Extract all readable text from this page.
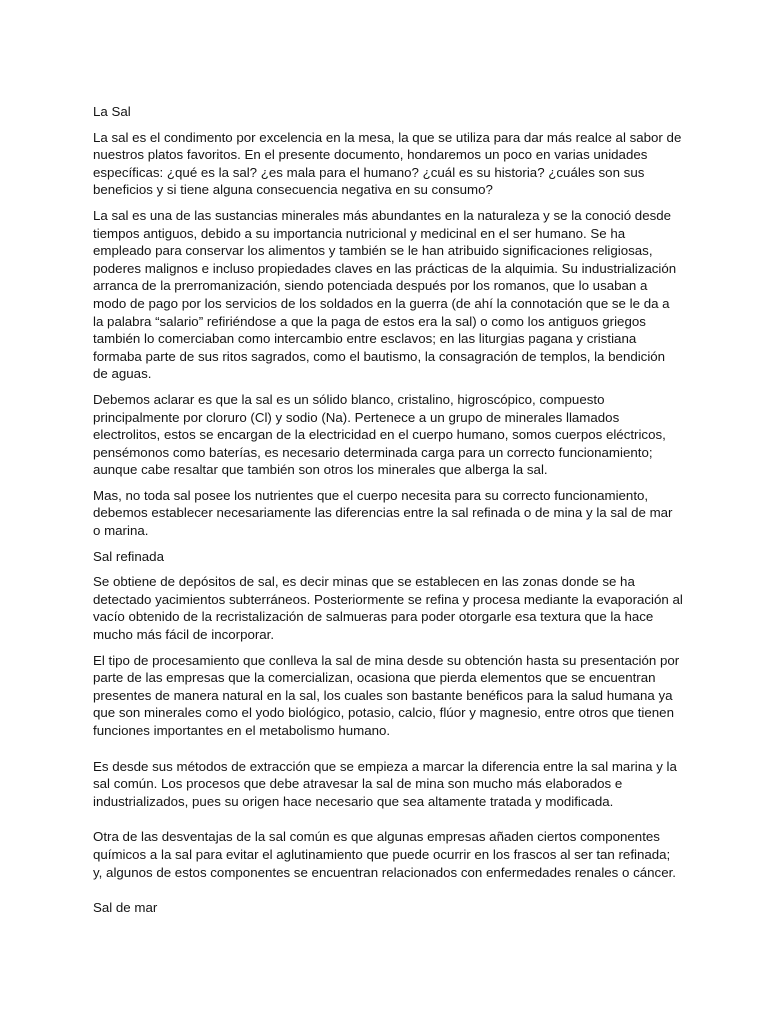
La Sal

La sal es el condimento por excelencia en la mesa, la que se utiliza para dar más realce al sabor de nuestros platos favoritos. En el presente documento, hondaremos un poco en varias unidades específicas: ¿qué es la sal? ¿es mala para el humano? ¿cuál es su historia? ¿cuáles son sus beneficios y si tiene alguna consecuencia negativa en su consumo?

La sal es una de las sustancias minerales más abundantes en la naturaleza y se la conoció desde tiempos antiguos, debido a su importancia nutricional y medicinal en el ser humano. Se ha empleado para conservar los alimentos y también se le han atribuido significaciones religiosas, poderes malignos e incluso propiedades claves en las prácticas de la alquimia. Su industrialización arranca de la prerromanización, siendo potenciada después por los romanos, que lo usaban a modo de pago por los servicios de los soldados en la guerra (de ahí la connotación que se le da a la palabra “salario” refiriéndose a que la paga de estos era la sal) o como los antiguos griegos también lo comerciaban como intercambio entre esclavos; en las liturgias pagana y cristiana formaba parte de sus ritos sagrados, como el bautismo, la consagración de templos, la bendición de aguas.

Debemos aclarar es que la sal es un sólido blanco, cristalino, higroscópico, compuesto principalmente por cloruro (Cl) y sodio (Na). Pertenece a un grupo de minerales llamados electrolitos, estos se encargan de la electricidad en el cuerpo humano, somos cuerpos eléctricos, pensémonos como baterías, es necesario determinada carga para un correcto funcionamiento; aunque cabe resaltar que también son otros los minerales que alberga la sal.

Mas, no toda sal posee los nutrientes que el cuerpo necesita para su correcto funcionamiento, debemos establecer necesariamente las diferencias entre la sal refinada o de mina y la sal de mar o marina.

Sal refinada

Se obtiene de depósitos de sal, es decir minas que se establecen en las zonas donde se ha detectado yacimientos subterráneos. Posteriormente se refina y procesa mediante la evaporación al vacío obtenido de la recristalización de salmueras para poder otorgarle esa textura que la hace mucho más fácil de incorporar.

El tipo de procesamiento que conlleva la sal de mina desde su obtención hasta su presentación por parte de las empresas que la comercializan, ocasiona que pierda elementos que se encuentran presentes de manera natural en la sal, los cuales son bastante benéficos para la salud humana ya que son minerales como el yodo biológico, potasio, calcio, flúor y magnesio, entre otros que tienen funciones importantes en el metabolismo humano.

Es desde sus métodos de extracción que se empieza a marcar la diferencia entre la sal marina y la sal común. Los procesos que debe atravesar la sal de mina son mucho más elaborados e industrializados, pues su origen hace necesario que sea altamente tratada y modificada.

Otra de las desventajas de la sal común es que algunas empresas añaden ciertos componentes químicos a la sal para evitar el aglutinamiento que puede ocurrir en los frascos al ser tan refinada; y, algunos de estos componentes se encuentran relacionados con enfermedades renales o cáncer.

Sal de mar
